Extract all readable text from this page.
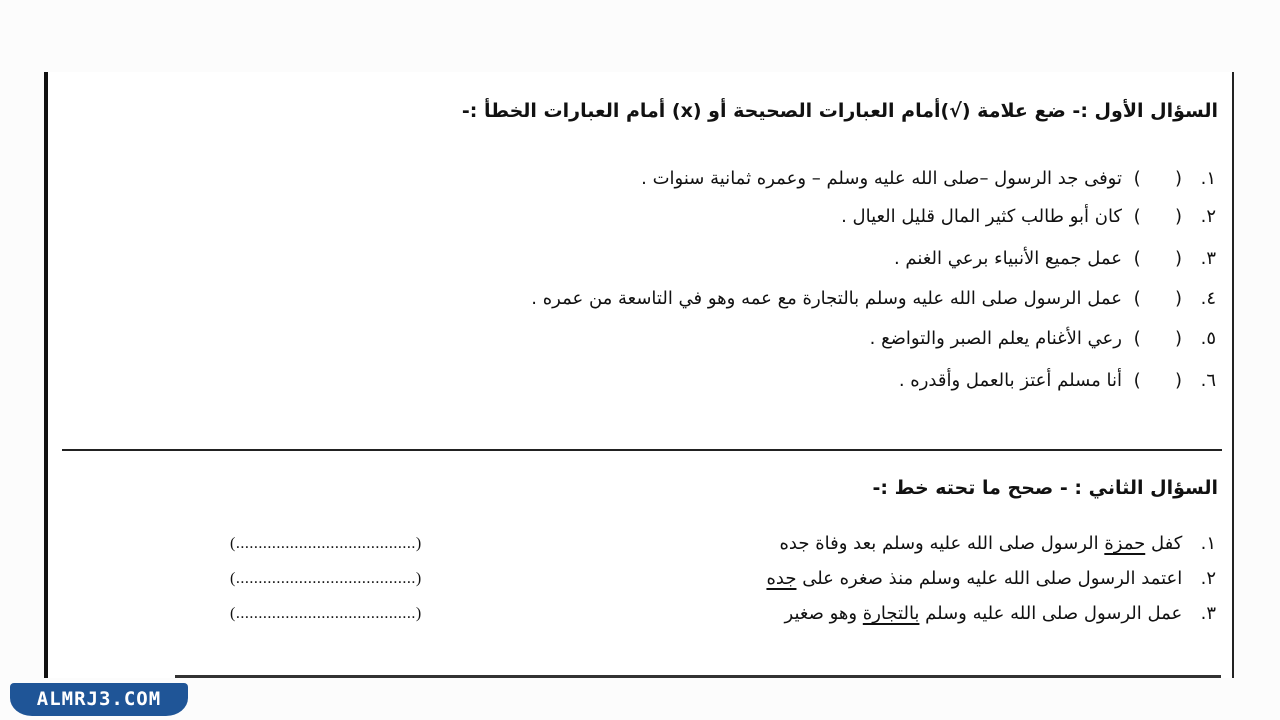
السؤال الأول :- ضع علامة (√)أمام العبارات الصحيحة أو (x) أمام العبارات الخطأ :-
١.
(      )
توفى جد الرسول –صلى الله عليه وسلم – وعمره ثمانية سنوات .
٢.
(      )
كان أبو طالب كثير المال قليل العيال .
٣.
(      )
عمل جميع الأنبياء برعي الغنم .
٤.
(      )
عمل الرسول صلى الله عليه وسلم بالتجارة مع عمه وهو في التاسعة من عمره .
٥.
(      )
رعي الأغنام يعلم الصبر والتواضع .
٦.
(      )
أنا مسلم أعتز بالعمل وأقدره .
السؤال الثاني : - صحح ما تحته خط :-
١. كفل حمزة الرسول صلى الله عليه وسلم بعد وفاة جده
(........................................)
٢. اعتمد الرسول صلى الله عليه وسلم منذ صغره على جده
(........................................)
٣. عمل الرسول صلى الله عليه وسلم بالتجارة وهو صغير
(........................................)
ALMRJ3.COM
